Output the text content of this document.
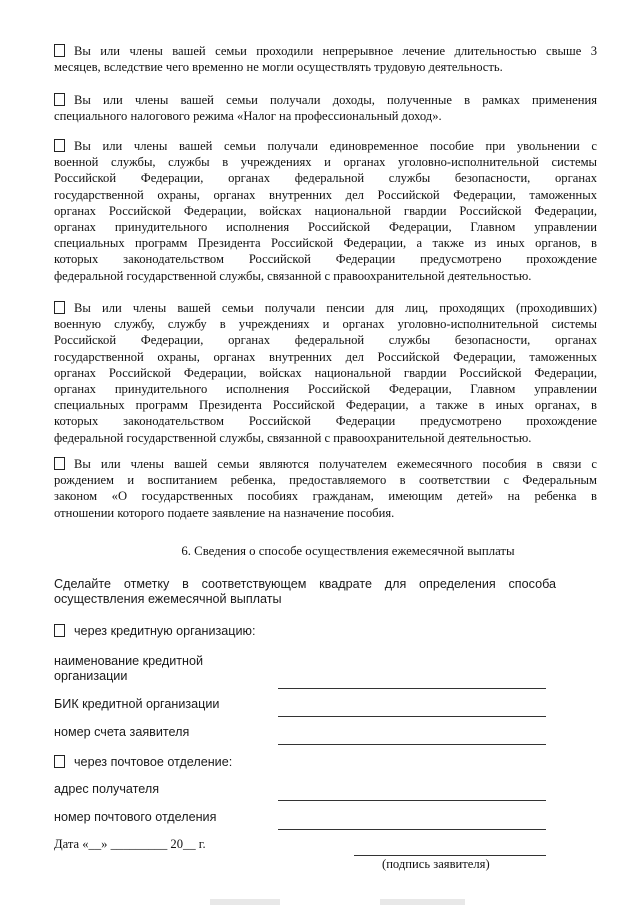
Вы или члены вашей семьи проходили непрерывное лечение длительностью свыше 3
месяцев, вследствие чего временно не могли осуществлять трудовую деятельность.
Вы или члены вашей семьи получали доходы, полученные в рамках применения
специального налогового режима «Налог на профессиональный доход».
Вы или члены вашей семьи получали единовременное пособие при увольнении с
военной службы, службы в учреждениях и органах уголовно-исполнительной системы
Российской Федерации, органах федеральной службы безопасности, органах
государственной охраны, органах внутренних дел Российской Федерации, таможенных
органах Российской Федерации, войсках национальной гвардии Российской Федерации,
органах принудительного исполнения Российской Федерации, Главном управлении
специальных программ Президента Российской Федерации, а также из иных органов, в
которых законодательством Российской Федерации предусмотрено прохождение
федеральной государственной службы, связанной с правоохранительной деятельностью.
Вы или члены вашей семьи получали пенсии для лиц, проходящих (проходивших)
военную службу, службу в учреждениях и органах уголовно-исполнительной системы
Российской Федерации, органах федеральной службы безопасности, органах
государственной охраны, органах внутренних дел Российской Федерации, таможенных
органах Российской Федерации, войсках национальной гвардии Российской Федерации,
органах принудительного исполнения Российской Федерации, Главном управлении
специальных программ Президента Российской Федерации, а также в иных органах, в
которых законодательством Российской Федерации предусмотрено прохождение
федеральной государственной службы, связанной с правоохранительной деятельностью.
Вы или члены вашей семьи являются получателем ежемесячного пособия в связи с
рождением и воспитанием ребенка, предоставляемого в соответствии с Федеральным
законом «О государственных пособиях гражданам, имеющим детей» на ребенка в
отношении которого подаете заявление на назначение пособия.
6. Сведения о способе осуществления ежемесячной выплаты
Сделайте отметку в соответствующем квадрате для определения способа
осуществления ежемесячной выплаты
через кредитную организацию:
наименование кредитной
организации
БИК кредитной организации
номер счета заявителя
через почтовое отделение:
адрес получателя
номер почтового отделения
Дата «__» _________ 20__ г.
(подпись заявителя)
